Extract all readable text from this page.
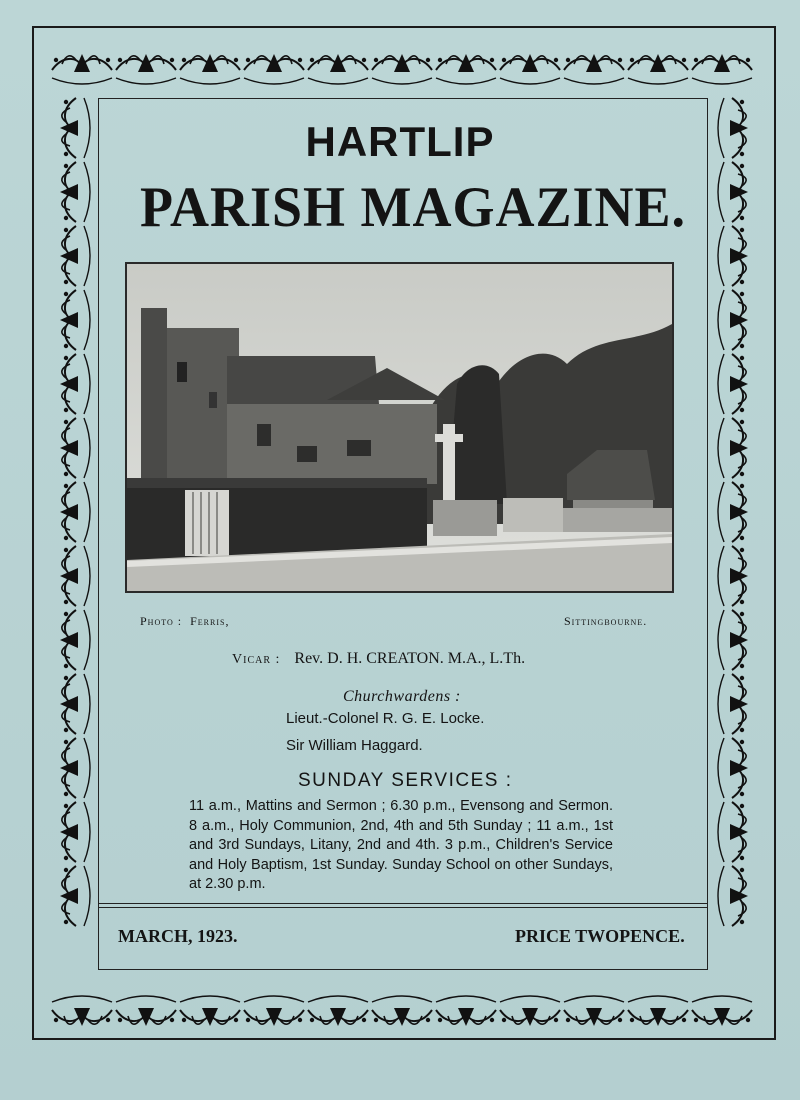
HARTLIP
PARISH MAGAZINE.
Photo : Ferris,	Sittingbourne.
Vicar : Rev. D. H. CREATON. M.A., L.Th.
Churchwardens :
Lieut.-Colonel R. G. E. Locke.
Sir William Haggard.
SUNDAY SERVICES :
11 a.m., Mattins and Sermon ; 6.30 p.m., Evensong and Sermon. 8 a.m., Holy Communion, 2nd, 4th and 5th Sunday ; 11 a.m., 1st and 3rd Sundays, Litany, 2nd and 4th. 3 p.m., Children's Service and Holy Baptism, 1st Sunday. Sunday School on other Sundays, at 2.30 p.m.
MARCH, 1923.	PRICE TWOPENCE.
